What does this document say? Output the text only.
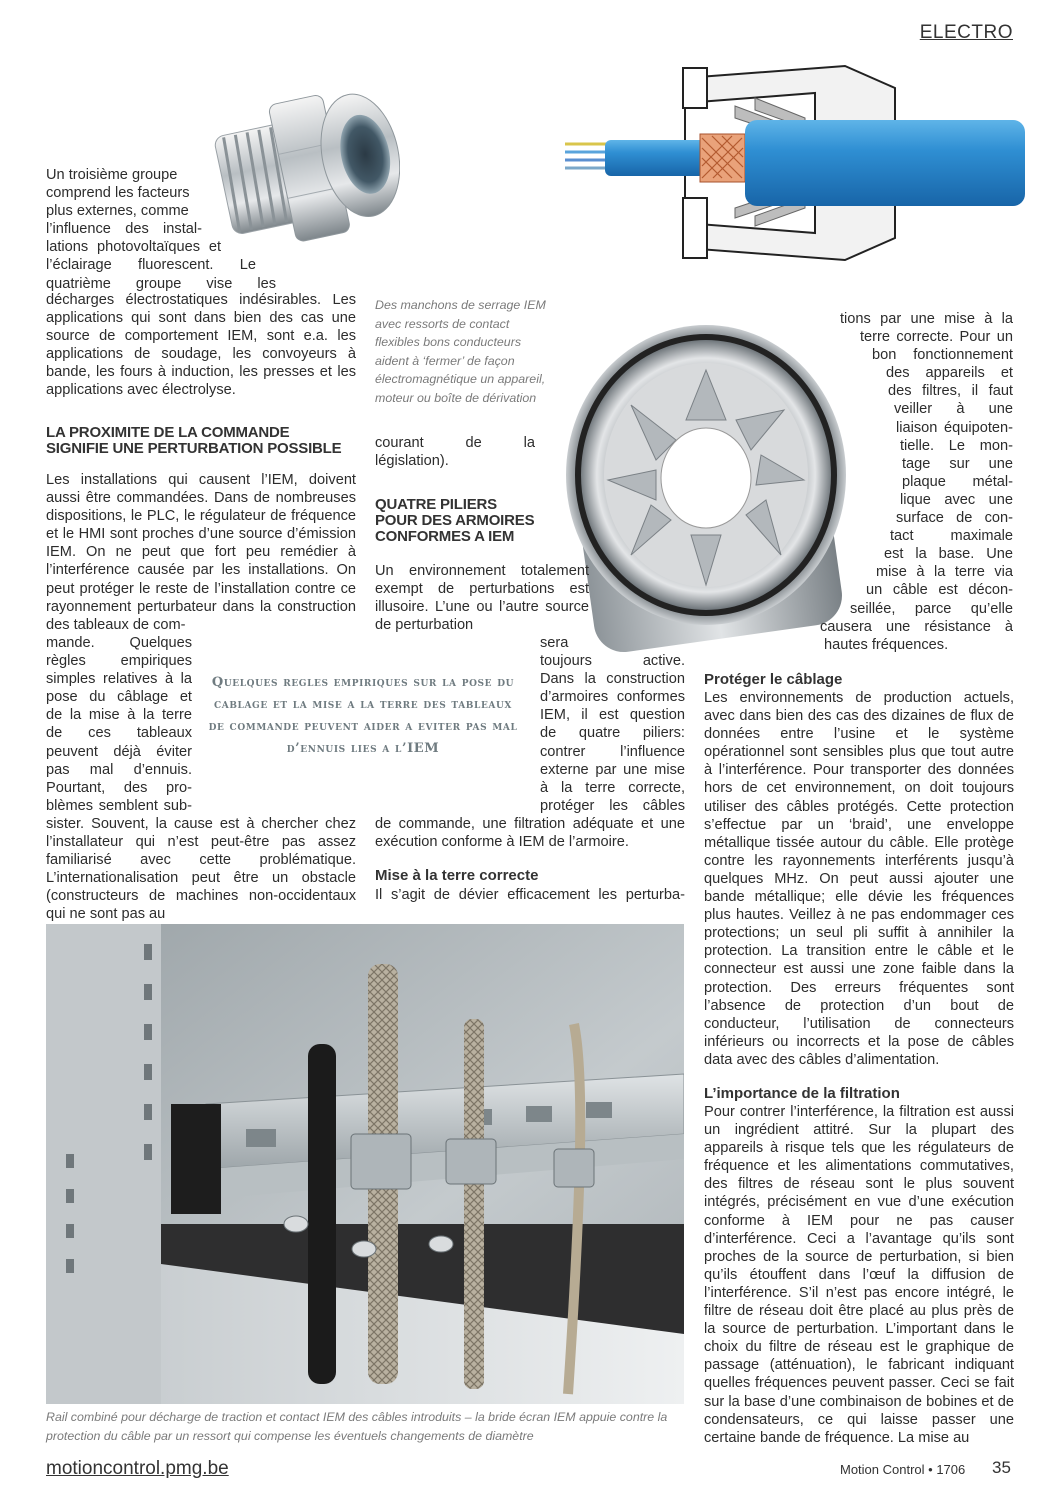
ELECTRO
Un troisième groupe
comprend les facteurs
plus externes, comme
l’influence des instal-
lations photovoltaïques et
l’éclairage fluorescent. Le
quatrième groupe vise les
décharges électrostatiques indésirables. Les applications qui sont dans bien des cas une source de comportement IEM, sont e.a. les applications de soudage, les convoyeurs à bande, les fours à induction, les presses et les applications avec électrolyse.
LA PROXIMITE DE LA COMMANDE SIGNIFIE UNE PERTURBATION POSSIBLE
Les installations qui causent l’IEM, doivent aussi être commandées. Dans de nombreuses dispositions, le PLC, le régulateur de fréquence et le HMI sont proches d’une source d’émission IEM. On ne peut que fort peu remédier à l’interférence causée par les installations. On peut protéger le reste de l’installation contre ce rayonnement perturbateur dans la construction des tableaux de com-
mande. Quelques
règles empiriques
simples relatives à la
pose du câblage et
de la mise à la terre
de ces tableaux
peuvent déjà éviter
pas mal d’ennuis.
Pourtant, des pro-
blèmes semblent sub-
sister. Souvent, la cause est à chercher chez l’installateur qui n’est peut-être pas assez familiarisé avec cette problématique. L’internationalisation peut être un obstacle (constructeurs de machines non-occidentaux qui ne sont pas au
Des manchons de serrage IEM avec ressorts de contact flexibles bons conducteurs aident à ‘fermer’ de façon électromagnétique un appareil, moteur ou boîte de dérivation
courant de la législation).
QUATRE PILIERS POUR DES ARMOIRES CONFORMES A IEM
Un environnement totalement exempt de perturbations est illusoire. L’une ou l’autre source de perturbation
sera
toujours active.
Dans la construction
d’armoires conformes
IEM, il est question
de quatre piliers:
contrer l’influence
externe par une mise
à la terre correcte,
protéger les câbles
de commande, une filtration adéquate et une exécution conforme à IEM de l’armoire.
Mise à la terre correcte
Il s’agit de dévier efficacement les perturba-
Quelques regles empiriques sur la pose du cablage et la mise a la terre des tableaux de commande peuvent aider a eviter pas mal d’ennuis lies a l’IEM
tions par une mise à la
terre correcte. Pour un
bon fonctionnement
des appareils et
des filtres, il faut
veiller à une
liaison équipoten-
tielle. Le mon-
tage sur une
plaque métal-
lique avec une
surface de con-
tact maximale
est la base. Une
mise à la terre via
un câble est décon-
seillée, parce qu’elle
causera une résistance à
hautes fréquences.
Protéger le câblage
Les environnements de production actuels, avec dans bien des cas des dizaines de flux de données entre l’usine et le système opérationnel sont sensibles plus que tout autre à l’interférence. Pour transporter des données hors de cet environnement, on doit toujours utiliser des câbles protégés. Cette protection s’effectue par un ‘braid’, une enveloppe métallique tissée autour du câble. Elle protège contre les rayonnements interférents jusqu’à quelques MHz. On peut aussi ajouter une bande métallique; elle dévie les fréquences plus hautes. Veillez à ne pas endommager ces protections; un seul pli suffit à annihiler la protection. La transition entre le câble et le connecteur est aussi une zone faible dans la protection. Des erreurs fréquentes sont l’absence de protection d’un bout de conducteur, l’utilisation de connecteurs inférieurs ou incorrects et la pose de câbles data avec des câbles d’alimentation.
L’importance de la filtration
Pour contrer l’interférence, la filtration est aussi un ingrédient attitré. Sur la plupart des appareils à risque tels que les régulateurs de fréquence et les alimentations commutatives, des filtres de réseau sont le plus souvent intégrés, précisément en vue d’une exécution conforme à IEM pour ne pas causer d’interférence. Ceci a l’avantage qu’ils sont proches de la source de perturbation, si bien qu’ils étouffent dans l’œuf la diffusion de l’interférence. S’il n’est pas encore intégré, le filtre de réseau doit être placé au plus près de la source de perturbation. L’important dans le choix du filtre de réseau est le graphique de passage (atténuation), le fabricant indiquant quelles fréquences peuvent passer. Ceci se fait sur la base d’une combinaison de bobines et de condensateurs, ce qui laisse passer une certaine bande de fréquence. La mise au
Rail combiné pour décharge de traction et contact IEM des câbles introduits – la bride écran IEM appuie contre la protection du câble par un ressort qui compense les éventuels changements de diamètre
motioncontrol.pmg.be	Motion Control • 1706 35
